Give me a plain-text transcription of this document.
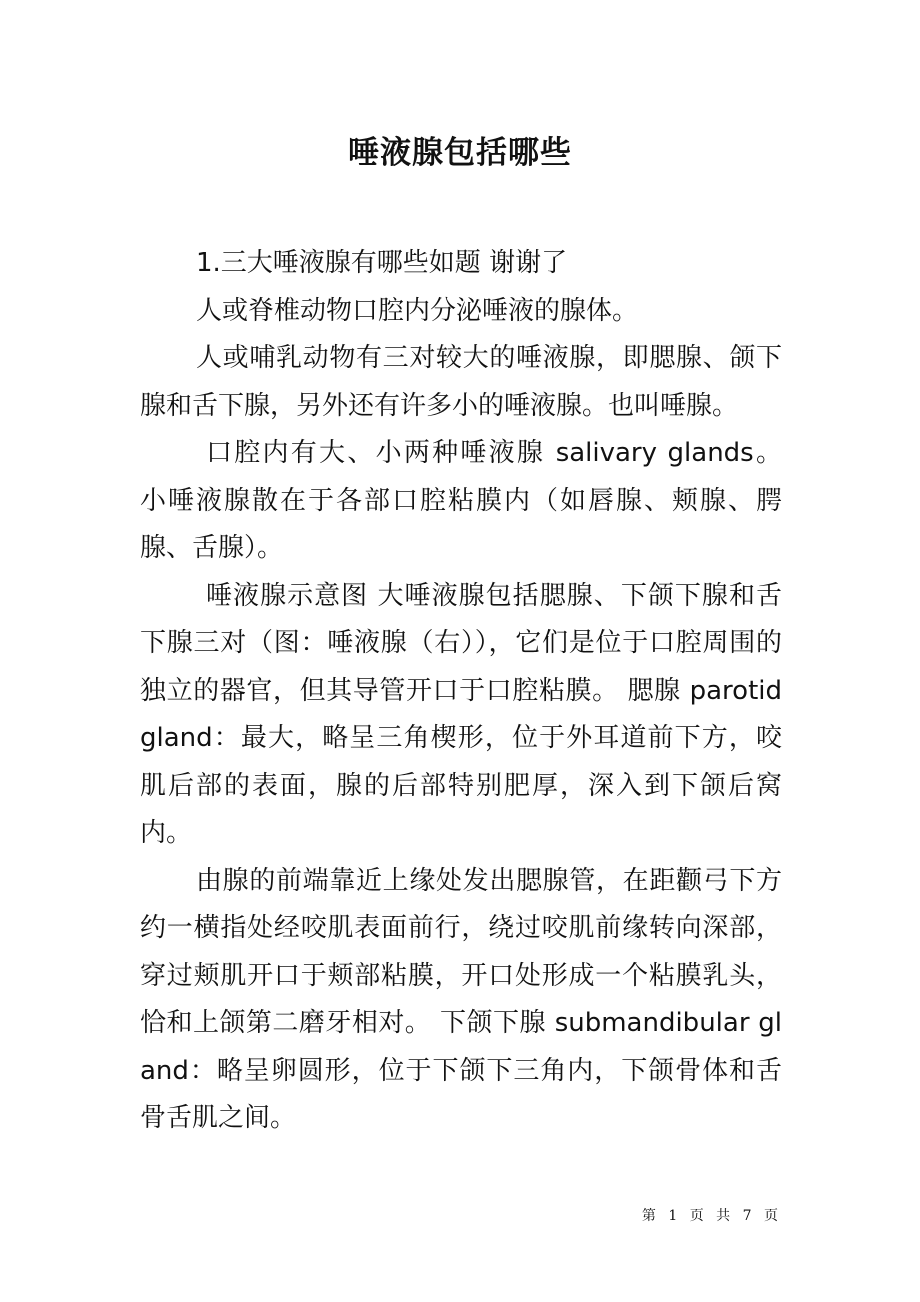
唾液腺包括哪些

1.三大唾液腺有哪些如题 谢谢了

人或脊椎动物口腔内分泌唾液的腺体。

人或哺乳动物有三对较大的唾液腺，即腮腺、颌下腺和舌下腺，另外还有许多小的唾液腺。也叫唾腺。

口腔内有大、小两种唾液腺 salivary glands。 小唾液腺散在于各部口腔粘膜内（如唇腺、颊腺、腭腺、舌腺）。

唾液腺示意图 大唾液腺包括腮腺、下颌下腺和舌下腺三对（图：唾液腺（右）），它们是位于口腔周围的独立的器官，但其导管开口于口腔粘膜。 腮腺 parotid gland：最大，略呈三角楔形，位于外耳道前下方，咬肌后部的表面，腺的后部特别肥厚，深入到下颌后窝内。

由腺的前端靠近上缘处发出腮腺管，在距颧弓下方约一横指处经咬肌表面前行，绕过咬肌前缘转向深部，穿过颊肌开口于颊部粘膜，开口处形成一个粘膜乳头，恰和上颌第二磨牙相对。 下颌下腺 submandibular gland：略呈卵圆形，位于下颌下三角内，下颌骨体和舌骨舌肌之间。

第 1 页 共 7 页
